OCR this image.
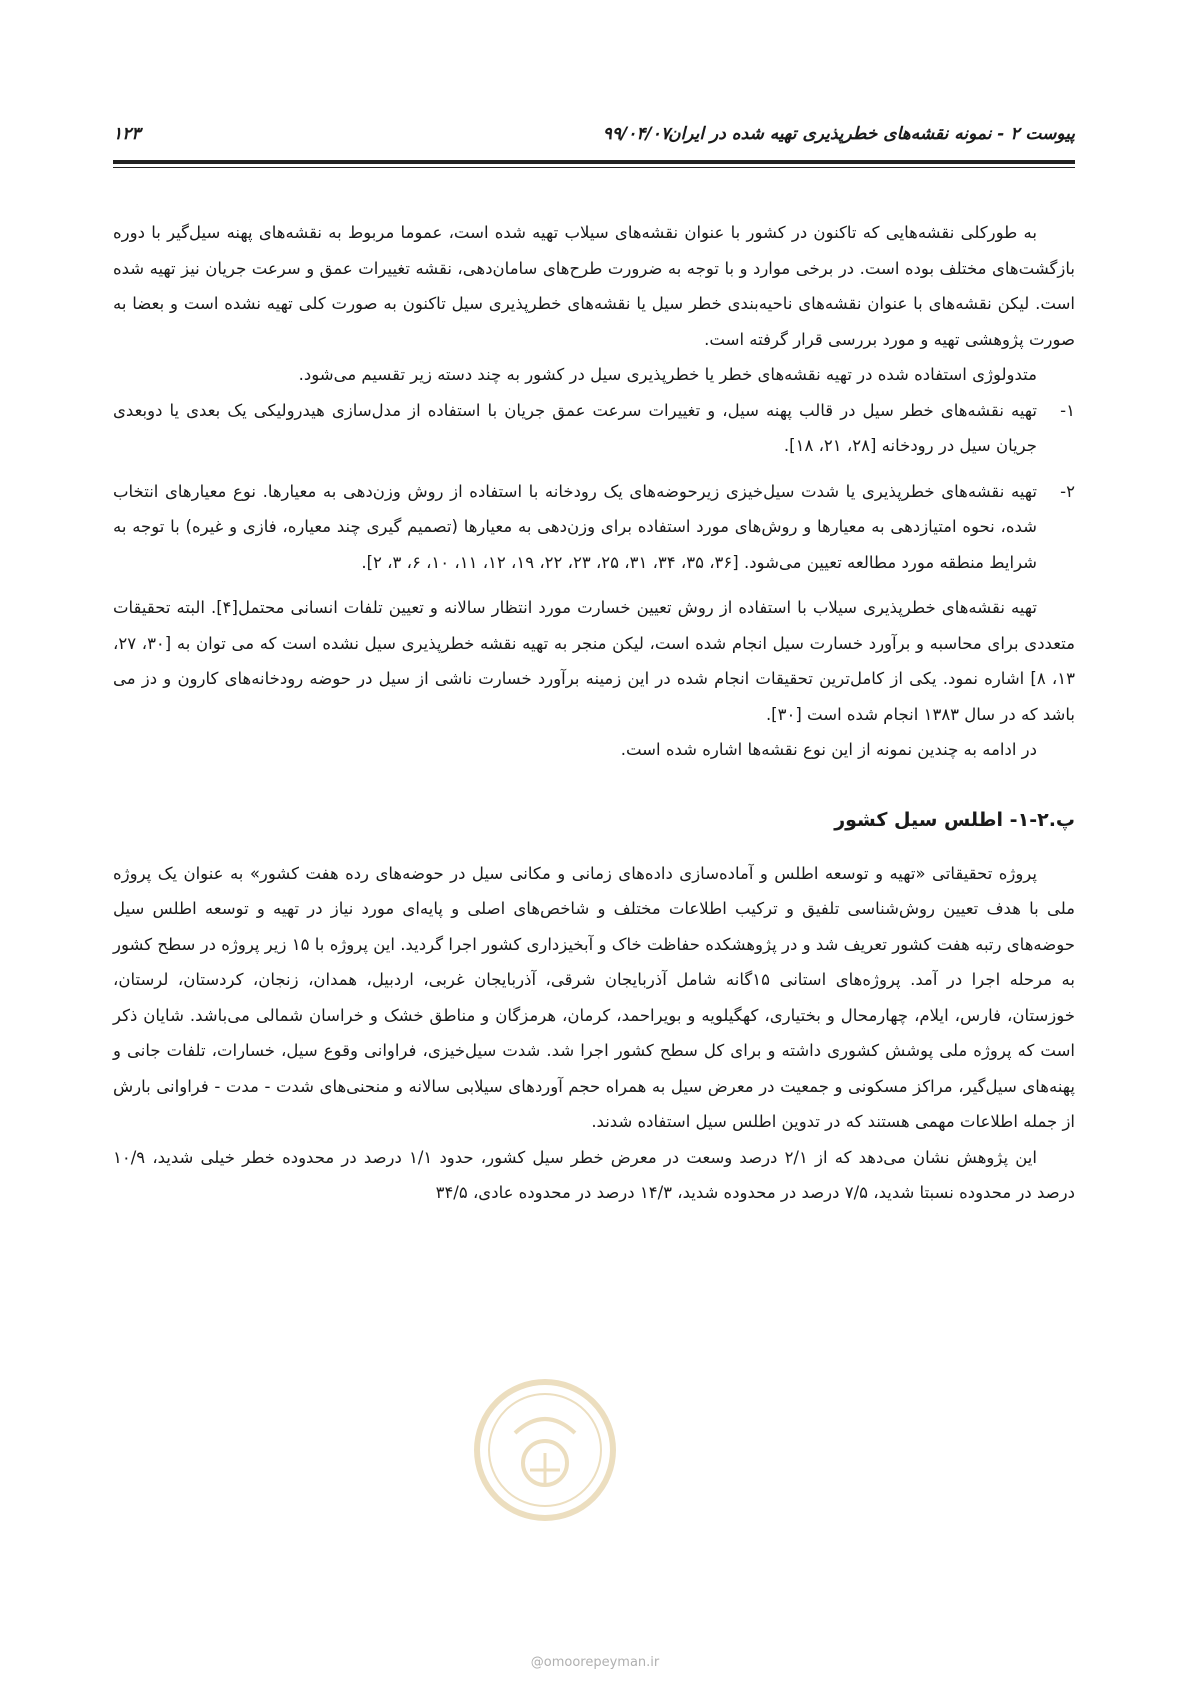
پیوست ۲ - نمونه نقشه‌های خطرپذیری تهیه شده در ایران
۹۹/۰۴/۰۷
۱۲۳

به طورکلی نقشه‌هایی که تاکنون در کشور با عنوان نقشه‌های سیلاب تهیه شده است، عموما مربوط به نقشه‌های پهنه سیل‌گیر با دوره بازگشت‌های مختلف بوده است. در برخی موارد و با توجه به ضرورت طرح‌های سامان‌دهی، نقشه تغییرات عمق و سرعت جریان نیز تهیه شده است. لیکن نقشه‌های با عنوان نقشه‌های ناحیه‌بندی خطر سیل یا نقشه‌های خطرپذیری سیل تاکنون به صورت کلی تهیه نشده است و بعضا به صورت پژوهشی تهیه و مورد بررسی قرار گرفته است.

متدولوژی استفاده شده در تهیه نقشه‌های خطر یا خطرپذیری سیل در کشور به چند دسته زیر تقسیم می‌شود.

۱-
تهیه نقشه‌های خطر سیل در قالب پهنه سیل، و تغییرات سرعت عمق جریان با استفاده از مدل‌سازی هیدرولیکی یک بعدی یا دوبعدی جریان سیل در رودخانه [۲۸، ۲۱، ۱۸].
۲-
تهیه نقشه‌های خطرپذیری یا شدت سیل‌خیزی زیرحوضه‌های یک رودخانه با استفاده از روش وزن‌دهی به معیارها. نوع معیارهای انتخاب شده، نحوه امتیازدهی به معیارها و روش‌های مورد استفاده برای وزن‌دهی به معیارها (تصمیم گیری چند معیاره، فازی و غیره) با توجه به شرایط منطقه مورد مطالعه تعیین می‌شود. [۳۶، ۳۵، ۳۴، ۳۱، ۲۵، ۲۳، ۲۲، ۱۹، ۱۲، ۱۱، ۱۰، ۶، ۳، ۲].

تهیه نقشه‌های خطرپذیری سیلاب با استفاده از روش تعیین خسارت مورد انتظار سالانه و تعیین تلفات انسانی محتمل[۴]. البته تحقیقات متعددی برای محاسبه و برآورد خسارت سیل انجام شده است، لیکن منجر به تهیه نقشه خطرپذیری سیل نشده است که می توان به [۳۰، ۲۷، ۱۳، ۸] اشاره نمود. یکی از کامل‌ترین تحقیقات انجام شده در این زمینه برآورد خسارت ناشی از سیل در حوضه رودخانه‌های کارون و دز می باشد که در سال ۱۳۸۳ انجام شده است [۳۰].

در ادامه به چندین نمونه از این نوع نقشه‌ها اشاره شده است.

پ.۲-۱- اطلس سیل کشور

پروژه تحقیقاتی «تهیه و توسعه اطلس و آماده‌سازی داده‌های زمانی و مکانی سیل در حوضه‌های رده هفت کشور» به عنوان یک پروژه ملی با هدف تعیین روش‌شناسی تلفیق و ترکیب اطلاعات مختلف و شاخص‌های اصلی و پایه‌ای مورد نیاز در تهیه و توسعه اطلس سیل حوضه‌های رتبه هفت کشور تعریف شد و در پژوهشکده حفاظت خاک و آبخیزداری کشور اجرا گردید. این پروژه با ۱۵ زیر پروژه در سطح کشور به مرحله اجرا در آمد. پروژه‌های استانی ۱۵گانه شامل آذربایجان شرقی، آذربایجان غربی، اردبیل، همدان، زنجان، کردستان، لرستان، خوزستان، فارس، ایلام، چهارمحال و بختیاری، کهگیلویه و بویراحمد، کرمان، هرمزگان و مناطق خشک و خراسان شمالی می‌باشد. شایان ذکر است که پروژه ملی پوشش کشوری داشته و برای کل سطح کشور اجرا شد. شدت سیل‌خیزی، فراوانی وقوع سیل، خسارات، تلفات جانی و پهنه‌های سیل‌گیر، مراکز مسکونی و جمعیت در معرض سیل به همراه حجم آوردهای سیلابی سالانه و منحنی‌های شدت - مدت - فراوانی بارش از جمله اطلاعات مهمی هستند که در تدوین اطلس سیل استفاده شدند.

این پژوهش نشان می‌دهد که از ۲/۱ درصد وسعت در معرض خطر سیل کشور، حدود ۱/۱ درصد در محدوده خطر خیلی شدید، ۱۰/۹ درصد در محدوده نسبتا شدید، ۷/۵ درصد در محدوده شدید، ۱۴/۳ درصد در محدوده عادی، ۳۴/۵

@omoorepeyman.ir
